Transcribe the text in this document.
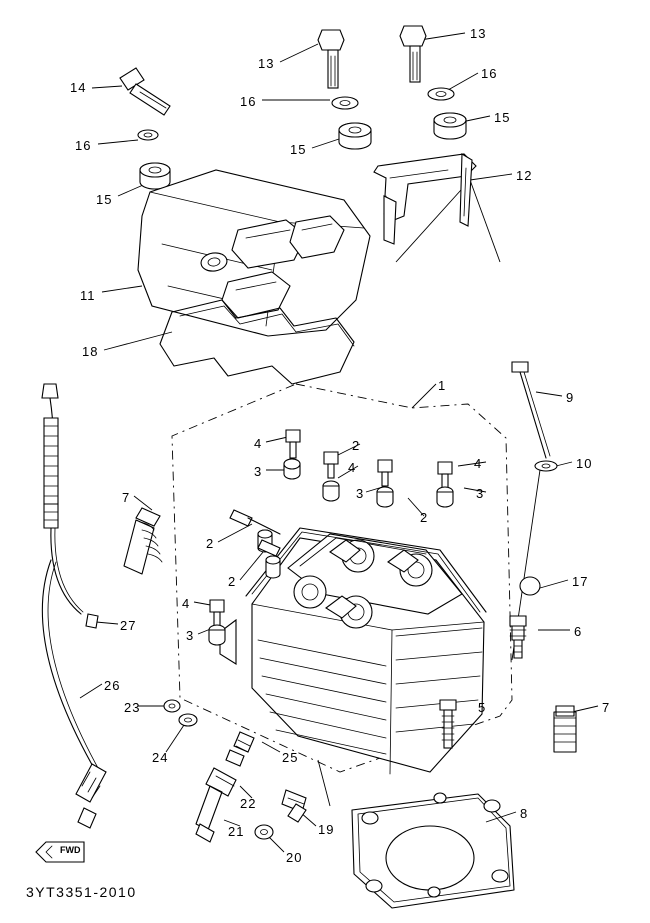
14
13
13
16
16
16
15
15
15
12
11
18
1
9
10
4	2
3	4	4
3	3
2
7
2
2	17
4
6
3
27
7
5
26
23
24	25
8
22
21	19
20
FWD
3YT3351-2010
